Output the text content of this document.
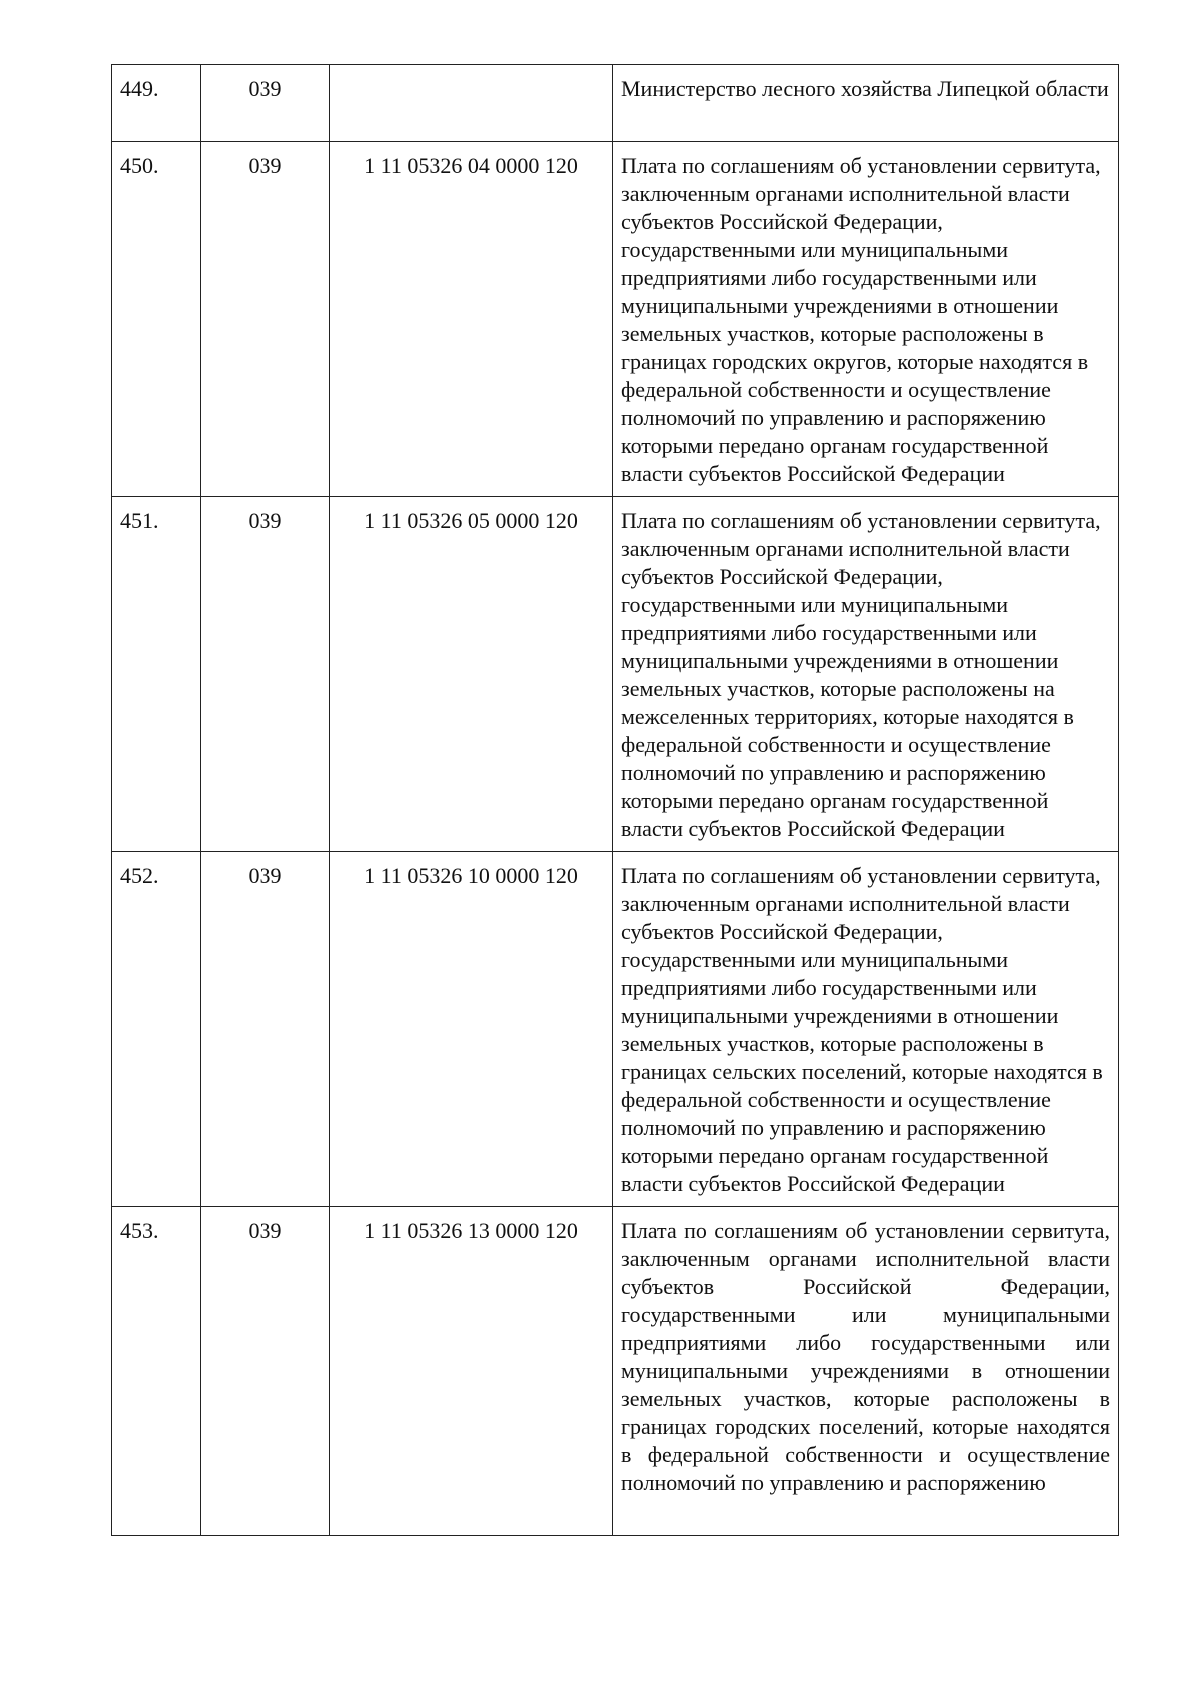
449.	039		Министерство лесного хозяйства Липецкой области
450.	039	1 11 05326 04 0000 120	Плата по соглашениям об установлении сервитута, заключенным органами исполнительной власти субъектов Российской Федерации, государственными или муниципальными предприятиями либо государственными или муниципальными учреждениями в отношении земельных участков, которые расположены в границах городских округов, которые находятся в федеральной собственности и осуществление полномочий по управлению и распоряжению которыми передано органам государственной власти субъектов Российской Федерации
451.	039	1 11 05326 05 0000 120	Плата по соглашениям об установлении сервитута, заключенным органами исполнительной власти субъектов Российской Федерации, государственными или муниципальными предприятиями либо государственными или муниципальными учреждениями в отношении земельных участков, которые расположены на межселенных территориях, которые находятся в федеральной собственности и осуществление полномочий по управлению и распоряжению которыми передано органам государственной власти субъектов Российской Федерации
452.	039	1 11 05326 10 0000 120	Плата по соглашениям об установлении сервитута, заключенным органами исполнительной власти субъектов Российской Федерации, государственными или муниципальными предприятиями либо государственными или муниципальными учреждениями в отношении земельных участков, которые расположены в границах сельских поселений, которые находятся в федеральной собственности и осуществление полномочий по управлению и распоряжению которыми передано органам государственной власти субъектов Российской Федерации
453.	039	1 11 05326 13 0000 120	Плата по соглашениям об установлении сервитута, заключенным органами исполнительной власти субъектов Российской Федерации, государственными или муниципальными предприятиями либо государственными или муниципальными учреждениями в отношении земельных участков, которые расположены в границах городских поселений, которые находятся в федеральной собственности и осуществление полномочий по управлению и распоряжению
